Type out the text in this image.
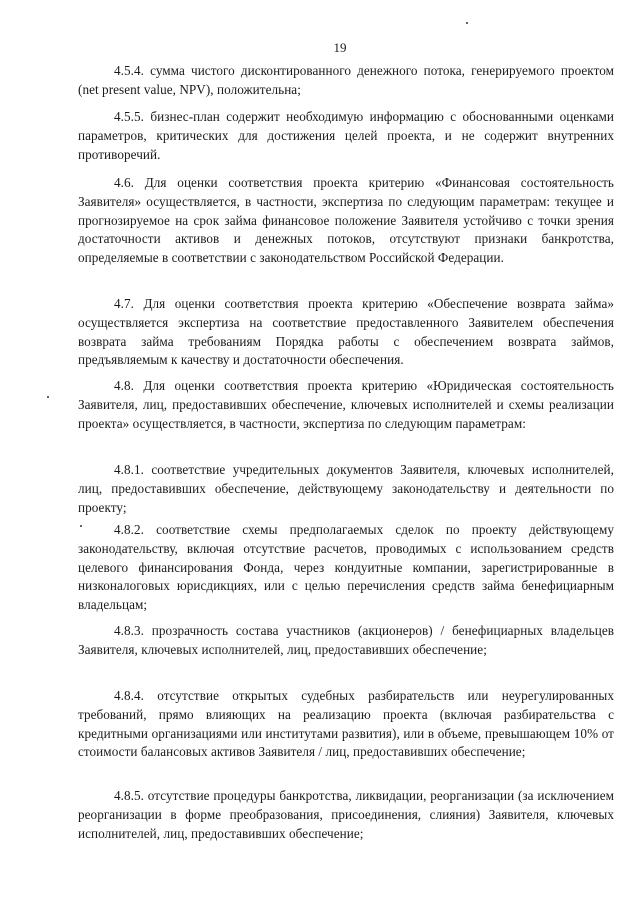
19
4.5.4. сумма чистого дисконтированного денежного потока, генерируемого проектом (net present value, NPV), положительна;
4.5.5. бизнес-план содержит необходимую информацию с обоснованными оценками параметров, критических для достижения целей проекта, и не содержит внутренних противоречий.
4.6. Для оценки соответствия проекта критерию «Финансовая состоятельность Заявителя» осуществляется, в частности, экспертиза по следующим параметрам: текущее и прогнозируемое на срок займа финансовое положение Заявителя устойчиво с точки зрения достаточности активов и денежных потоков, отсутствуют признаки банкротства, определяемые в соответствии с законодательством Российской Федерации.
4.7. Для оценки соответствия проекта критерию «Обеспечение возврата займа» осуществляется экспертиза на соответствие предоставленного Заявителем обеспечения возврата займа требованиям Порядка работы с обеспечением возврата займов, предъявляемым к качеству и достаточности обеспечения.
4.8. Для оценки соответствия проекта критерию «Юридическая состоятельность Заявителя, лиц, предоставивших обеспечение, ключевых исполнителей и схемы реализации проекта» осуществляется, в частности, экспертиза по следующим параметрам:
4.8.1. соответствие учредительных документов Заявителя, ключевых исполнителей, лиц, предоставивших обеспечение, действующему законодательству и деятельности по проекту;
4.8.2. соответствие схемы предполагаемых сделок по проекту действующему законодательству, включая отсутствие расчетов, проводимых с использованием средств целевого финансирования Фонда, через кондуитные компании, зарегистрированные в низконалоговых юрисдикциях, или с целью перечисления средств займа бенефициарным владельцам;
4.8.3. прозрачность состава участников (акционеров) / бенефициарных владельцев Заявителя, ключевых исполнителей, лиц, предоставивших обеспечение;
4.8.4. отсутствие открытых судебных разбирательств или неурегулированных требований, прямо влияющих на реализацию проекта (включая разбирательства с кредитными организациями или институтами развития), или в объеме, превышающем 10% от стоимости балансовых активов Заявителя / лиц, предоставивших обеспечение;
4.8.5. отсутствие процедуры банкротства, ликвидации, реорганизации (за исключением реорганизации в форме преобразования, присоединения, слияния) Заявителя, ключевых исполнителей, лиц, предоставивших обеспечение;
